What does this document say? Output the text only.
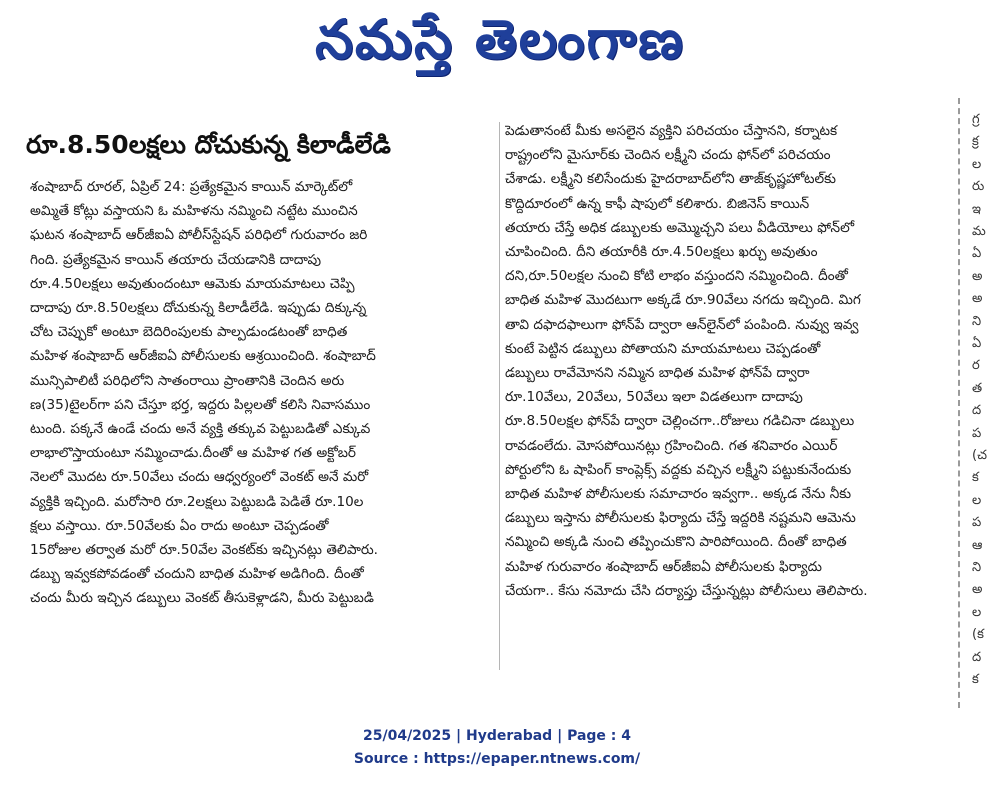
నమస్తే తెలంగాణ
రూ.8.50లక్షలు దోచుకున్న కిలాడీలేడి
శంషాబాద్ రూరల్, ఏప్రిల్ 24: ప్రత్యేకమైన కాయిన్ మార్కెట్‌లో
అమ్మితే కోట్లు వస్తాయని ఓ మహిళను నమ్మించి నట్టేట ముంచిన
ఘటన శంషాబాద్ ఆర్‌జీఐఏ పోలీస్‌స్టేషన్ పరిధిలో గురువారం జరి
గింది. ప్రత్యేకమైన కాయిన్ తయారు చేయడానికి దాదాపు
రూ.4.50లక్షలు అవుతుందంటూ ఆమెకు మాయమాటలు చెప్పి
దాదాపు రూ.8.50లక్షలు దోచుకున్న కిలాడీలేడి. ఇప్పుడు దిక్కున్న
చోట చెప్పుకో అంటూ బెదిరింపులకు పాల్పడుండటంతో బాధిత
మహిళ శంషాబాద్ ఆర్‌జీఐఏ పోలీసులకు ఆశ్రయించింది. శంషాబాద్
మున్సిపాలిటీ పరిధిలోని సాతంరాయి ప్రాంతానికి చెందిన అరు
ణ(35)టైలర్‌గా పని చేస్తూ భర్త, ఇద్దరు పిల్లలతో కలిసి నివాసముం
టుంది. పక్కనే ఉండే చందు అనే వ్యక్తి తక్కువ పెట్టుబడితో ఎక్కువ
లాభాలొస్తాయంటూ నమ్మించాడు.దీంతో ఆ మహిళ గత అక్టోబర్
నెలలో మొదట రూ.50వేలు చందు ఆధ్వర్యంలో వెంకట్ అనే మరో
వ్యక్తికి ఇచ్చింది. మరోసారి రూ.2లక్షలు పెట్టుబడి పెడితే రూ.10ల
క్షలు వస్తాయి. రూ.50వేలకు ఏం రాదు అంటూ చెప్పడంతో
15రోజుల తర్వాత మరో రూ.50వేల వెంకట్‌కు ఇచ్చినట్లు తెలిపారు.
డబ్బు ఇవ్వకపోవడంతో చందుని బాధిత మహిళ అడిగింది. దీంతో
చందు మీరు ఇచ్చిన డబ్బులు వెంకట్ తీసుకెళ్లాడని, మీరు పెట్టుబడి
పెడుతానంటే మీకు అసలైన వ్యక్తిని పరిచయం చేస్తానని, కర్నాటక
రాష్ట్రంలోని మైసూర్‌కు చెందిన లక్ష్మీని చందు ఫోన్‌లో పరిచయం
చేశాడు. లక్ష్మీని కలిసేందుకు హైదరాబాద్‌లోని తాజ్‌కృష్ణహోటల్‌కు
కొద్దిదూరంలో ఉన్న కాఫీ షాపులో కలిశారు. బిజినెస్ కాయిన్
తయారు చేస్తే అధిక డబ్బులకు అమ్మొచ్చని పలు వీడియోలు ఫోన్‌లో
చూపించింది. దీని తయారీకి రూ.4.50లక్షలు ఖర్చు అవుతుం
దని,రూ.50లక్షల నుంచి కోటి లాభం వస్తుందని నమ్మించింది. దీంతో
బాధిత మహిళ మొదటుగా అక్కడే రూ.90వేలు నగదు ఇచ్చింది. మిగ
తావి దఫాదఫాలుగా ఫోన్‌పే ద్వారా ఆన్‌లైన్‌లో పంపింది. నువ్వు ఇవ్వ
కుంటే పెట్టిన డబ్బులు పోతాయని మాయమాటలు చెప్పడంతో
డబ్బులు రావేమోనని నమ్మిన బాధిత మహిళ ఫోన్‌పే ద్వారా
రూ.10వేలు, 20వేలు, 50వేలు ఇలా విడతలుగా దాదాపు
రూ.8.50లక్షల ఫోన్‌పే ద్వారా చెల్లించగా..రోజులు గడిచినా డబ్బులు
రావడంలేదు. మోసపోయినట్లు గ్రహించింది. గత శనివారం ఎయిర్
పోర్టులోని ఓ షాపింగ్ కాంప్లెక్స్ వద్దకు వచ్చిన లక్ష్మీని పట్టుకునేందుకు
బాధిత మహిళ పోలీసులకు సమాచారం ఇవ్వగా.. అక్కడ నేను నీకు
డబ్బులు ఇస్తాను పోలీసులకు ఫిర్యాదు చేస్తే ఇద్దరికి నష్టమని ఆమెను
నమ్మించి అక్కడి నుంచి తప్పించుకొని పారిపోయింది. దీంతో బాధిత
మహిళ గురువారం శంషాబాద్ ఆర్‌జీఐఏ పోలీసులకు ఫిర్యాదు
చేయగా.. కేసు నమోదు చేసి దర్యాప్తు చేస్తున్నట్లు పోలీసులు తెలిపారు.
గ్ర
క్ర
ల
రు
ఇ
మ
ఏ
అ
అ
ని
ఏ
ర
త
ద
ప
(చ
క
ల
ప
ఆ
ని
అ
ల
(క
ద
క
25/04/2025 | Hyderabad | Page : 4
Source : https://epaper.ntnews.com/
